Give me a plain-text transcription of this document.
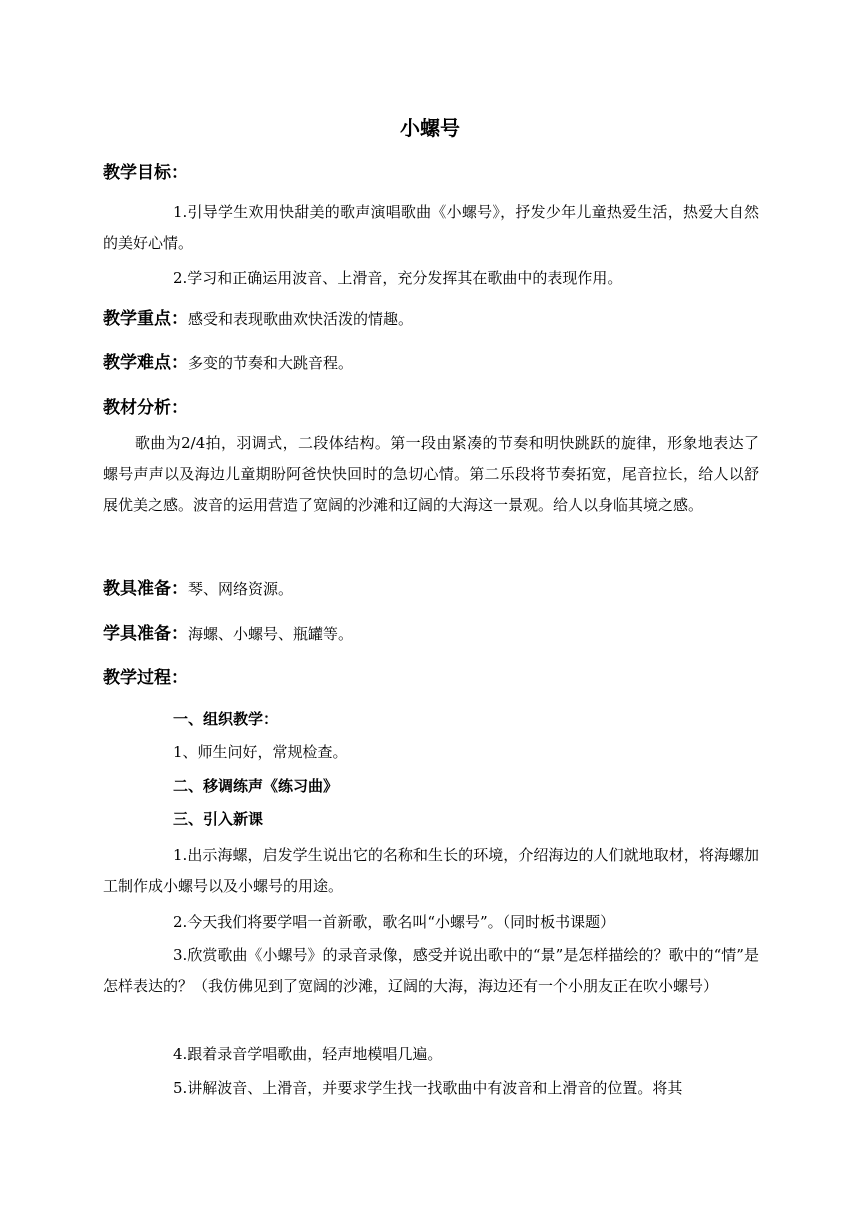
小螺号
教学目标：

1.引导学生欢用快甜美的歌声演唱歌曲《小螺号》，抒发少年儿童热爱生活，热爱大自然的美好心情。

2.学习和正确运用波音、上滑音，充分发挥其在歌曲中的表现作用。

教学重点：感受和表现歌曲欢快活泼的情趣。
教学难点：多变的节奏和大跳音程。
教材分析：

歌曲为2/4拍，羽调式，二段体结构。第一段由紧凑的节奏和明快跳跃的旋律，形象地表达了螺号声声以及海边儿童期盼阿爸快快回时的急切心情。第二乐段将节奏拓宽，尾音拉长，给人以舒展优美之感。波音的运用营造了宽阔的沙滩和辽阔的大海这一景观。给人以身临其境之感。

教具准备：琴、网络资源。
学具准备：海螺、小螺号、瓶罐等。
教学过程：
一、组织教学：
1、师生问好，常规检查。
二、移调练声《练习曲》
三、引入新课

1.出示海螺，启发学生说出它的名称和生长的环境，介绍海边的人们就地取材，将海螺加工制作成小螺号以及小螺号的用途。

2.今天我们将要学唱一首新歌，歌名叫“小螺号”。（同时板书课题）

3.欣赏歌曲《小螺号》的录音录像，感受并说出歌中的“景”是怎样描绘的？歌中的“情”是怎样表达的？（我仿佛见到了宽阔的沙滩，辽阔的大海，海边还有一个小朋友正在吹小螺号）

4.跟着录音学唱歌曲，轻声地模唱几遍。

5.讲解波音、上滑音，并要求学生找一找歌曲中有波音和上滑音的位置。将其
